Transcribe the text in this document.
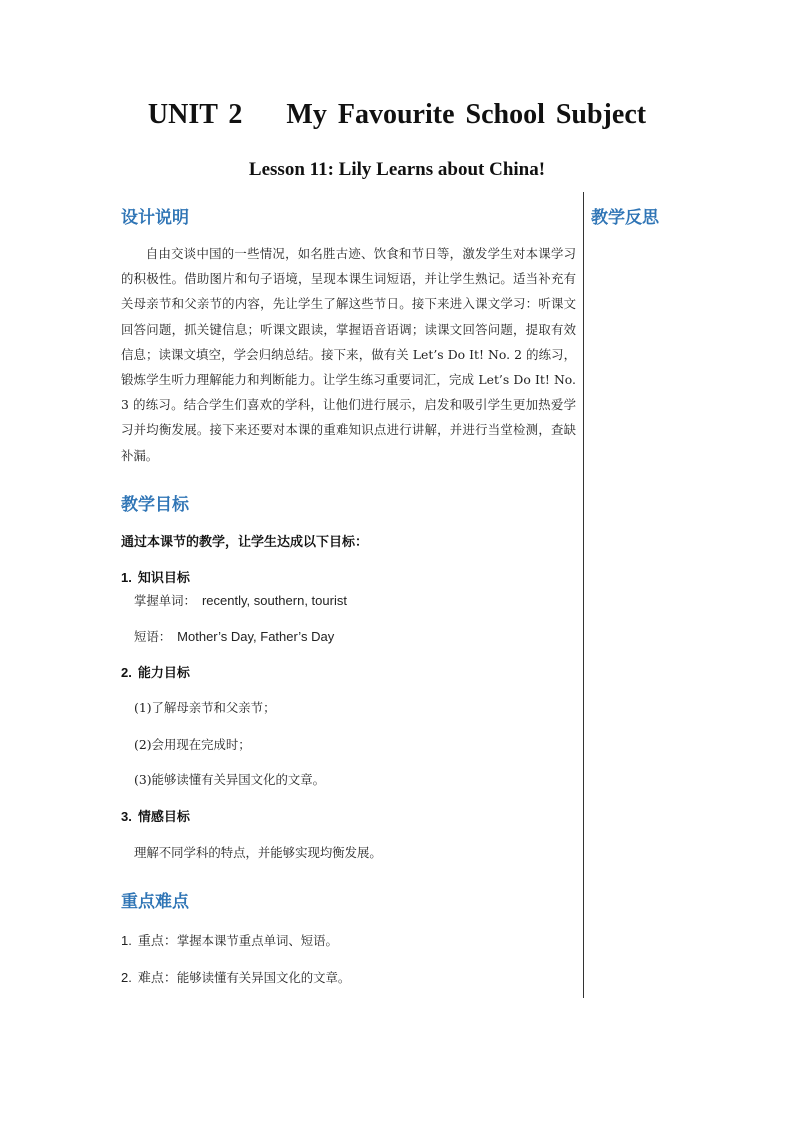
UNIT 2    My Favourite School Subject
Lesson 11: Lily Learns about China!
设计说明

自由交谈中国的一些情况，如名胜古迹、饮食和节日等，激发学生对本课学习的积极性。借助图片和句子语境，呈现本课生词短语，并让学生熟记。适当补充有关母亲节和父亲节的内容，先让学生了解这些节日。接下来进入课文学习：听课文回答问题，抓关键信息；听课文跟读，掌握语音语调；读课文回答问题，提取有效信息；读课文填空，学会归纳总结。接下来，做有关 Let’s Do It! No. 2 的练习，锻炼学生听力理解能力和判断能力。让学生练习重要词汇，完成 Let’s Do It! No. 3 的练习。结合学生们喜欢的学科，让他们进行展示，启发和吸引学生更加热爱学习并均衡发展。接下来还要对本课的重难知识点进行讲解，并进行当堂检测，查缺补漏。

教学反思
教学目标
通过本课节的教学，让学生达成以下目标：
1. 知识目标
掌握单词： recently, southern, tourist
短语： Mother’s Day, Father’s Day
2. 能力目标
(1)了解母亲节和父亲节；
(2)会用现在完成时；
(3)能够读懂有关异国文化的文章。
3. 情感目标
理解不同学科的特点，并能够实现均衡发展。
重点难点
1. 重点：掌握本课节重点单词、短语。
2. 难点：能够读懂有关异国文化的文章。
